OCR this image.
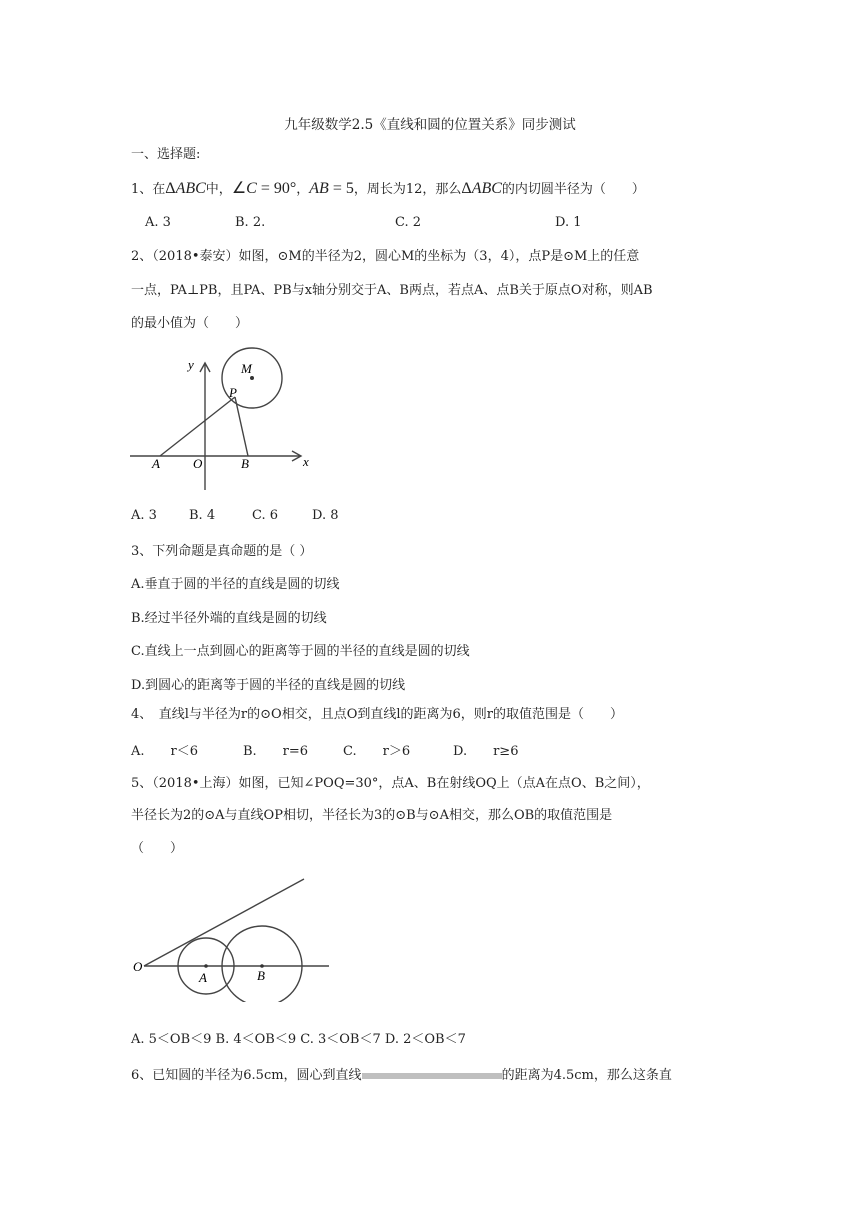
九年级数学2.5《直线和圆的位置关系》同步测试
一、选择题:
1、在ΔABC中，∠C = 90°，AB = 5，周长为12，那么ΔABC的内切圆半径为（　　）
A. 3	B. 2.	C. 2	D. 1
2、（2018•泰安）如图，⊙M的半径为2，圆心M的坐标为（3，4），点P是⊙M上的任意
一点，PA⊥PB，且PA、PB与x轴分别交于A、B两点，若点A、点B关于原点O对称，则AB
的最小值为（　　）
y
x
M
P
A	O	B
A. 3 B. 4	C. 6	D. 8
3、下列命题是真命题的是（ ）
A.垂直于圆的半径的直线是圆的切线
B.经过半径外端的直线是圆的切线
C.直线上一点到圆心的距离等于圆的半径的直线是圆的切线
D.到圆心的距离等于圆的半径的直线是圆的切线
4、　直线l与半径为r的⊙O相交，且点O到直线l的距离为6，则r的取值范围是（　　）
A.　　r＜6	B.　　r=6	C.　　r＞6	D.　　r≥6
5、（2018•上海）如图，已知∠POQ=30°，点A、B在射线OQ上（点A在点O、B之间），
半径长为2的⊙A与直线OP相切，半径长为3的⊙B与⊙A相交，那么OB的取值范围是
（　　）
O
A	B
A. 5＜OB＜9 B. 4＜OB＜9 C. 3＜OB＜7 D. 2＜OB＜7
6、已知圆的半径为6.5cm，圆心到直线	的距离为4.5cm，那么这条直
